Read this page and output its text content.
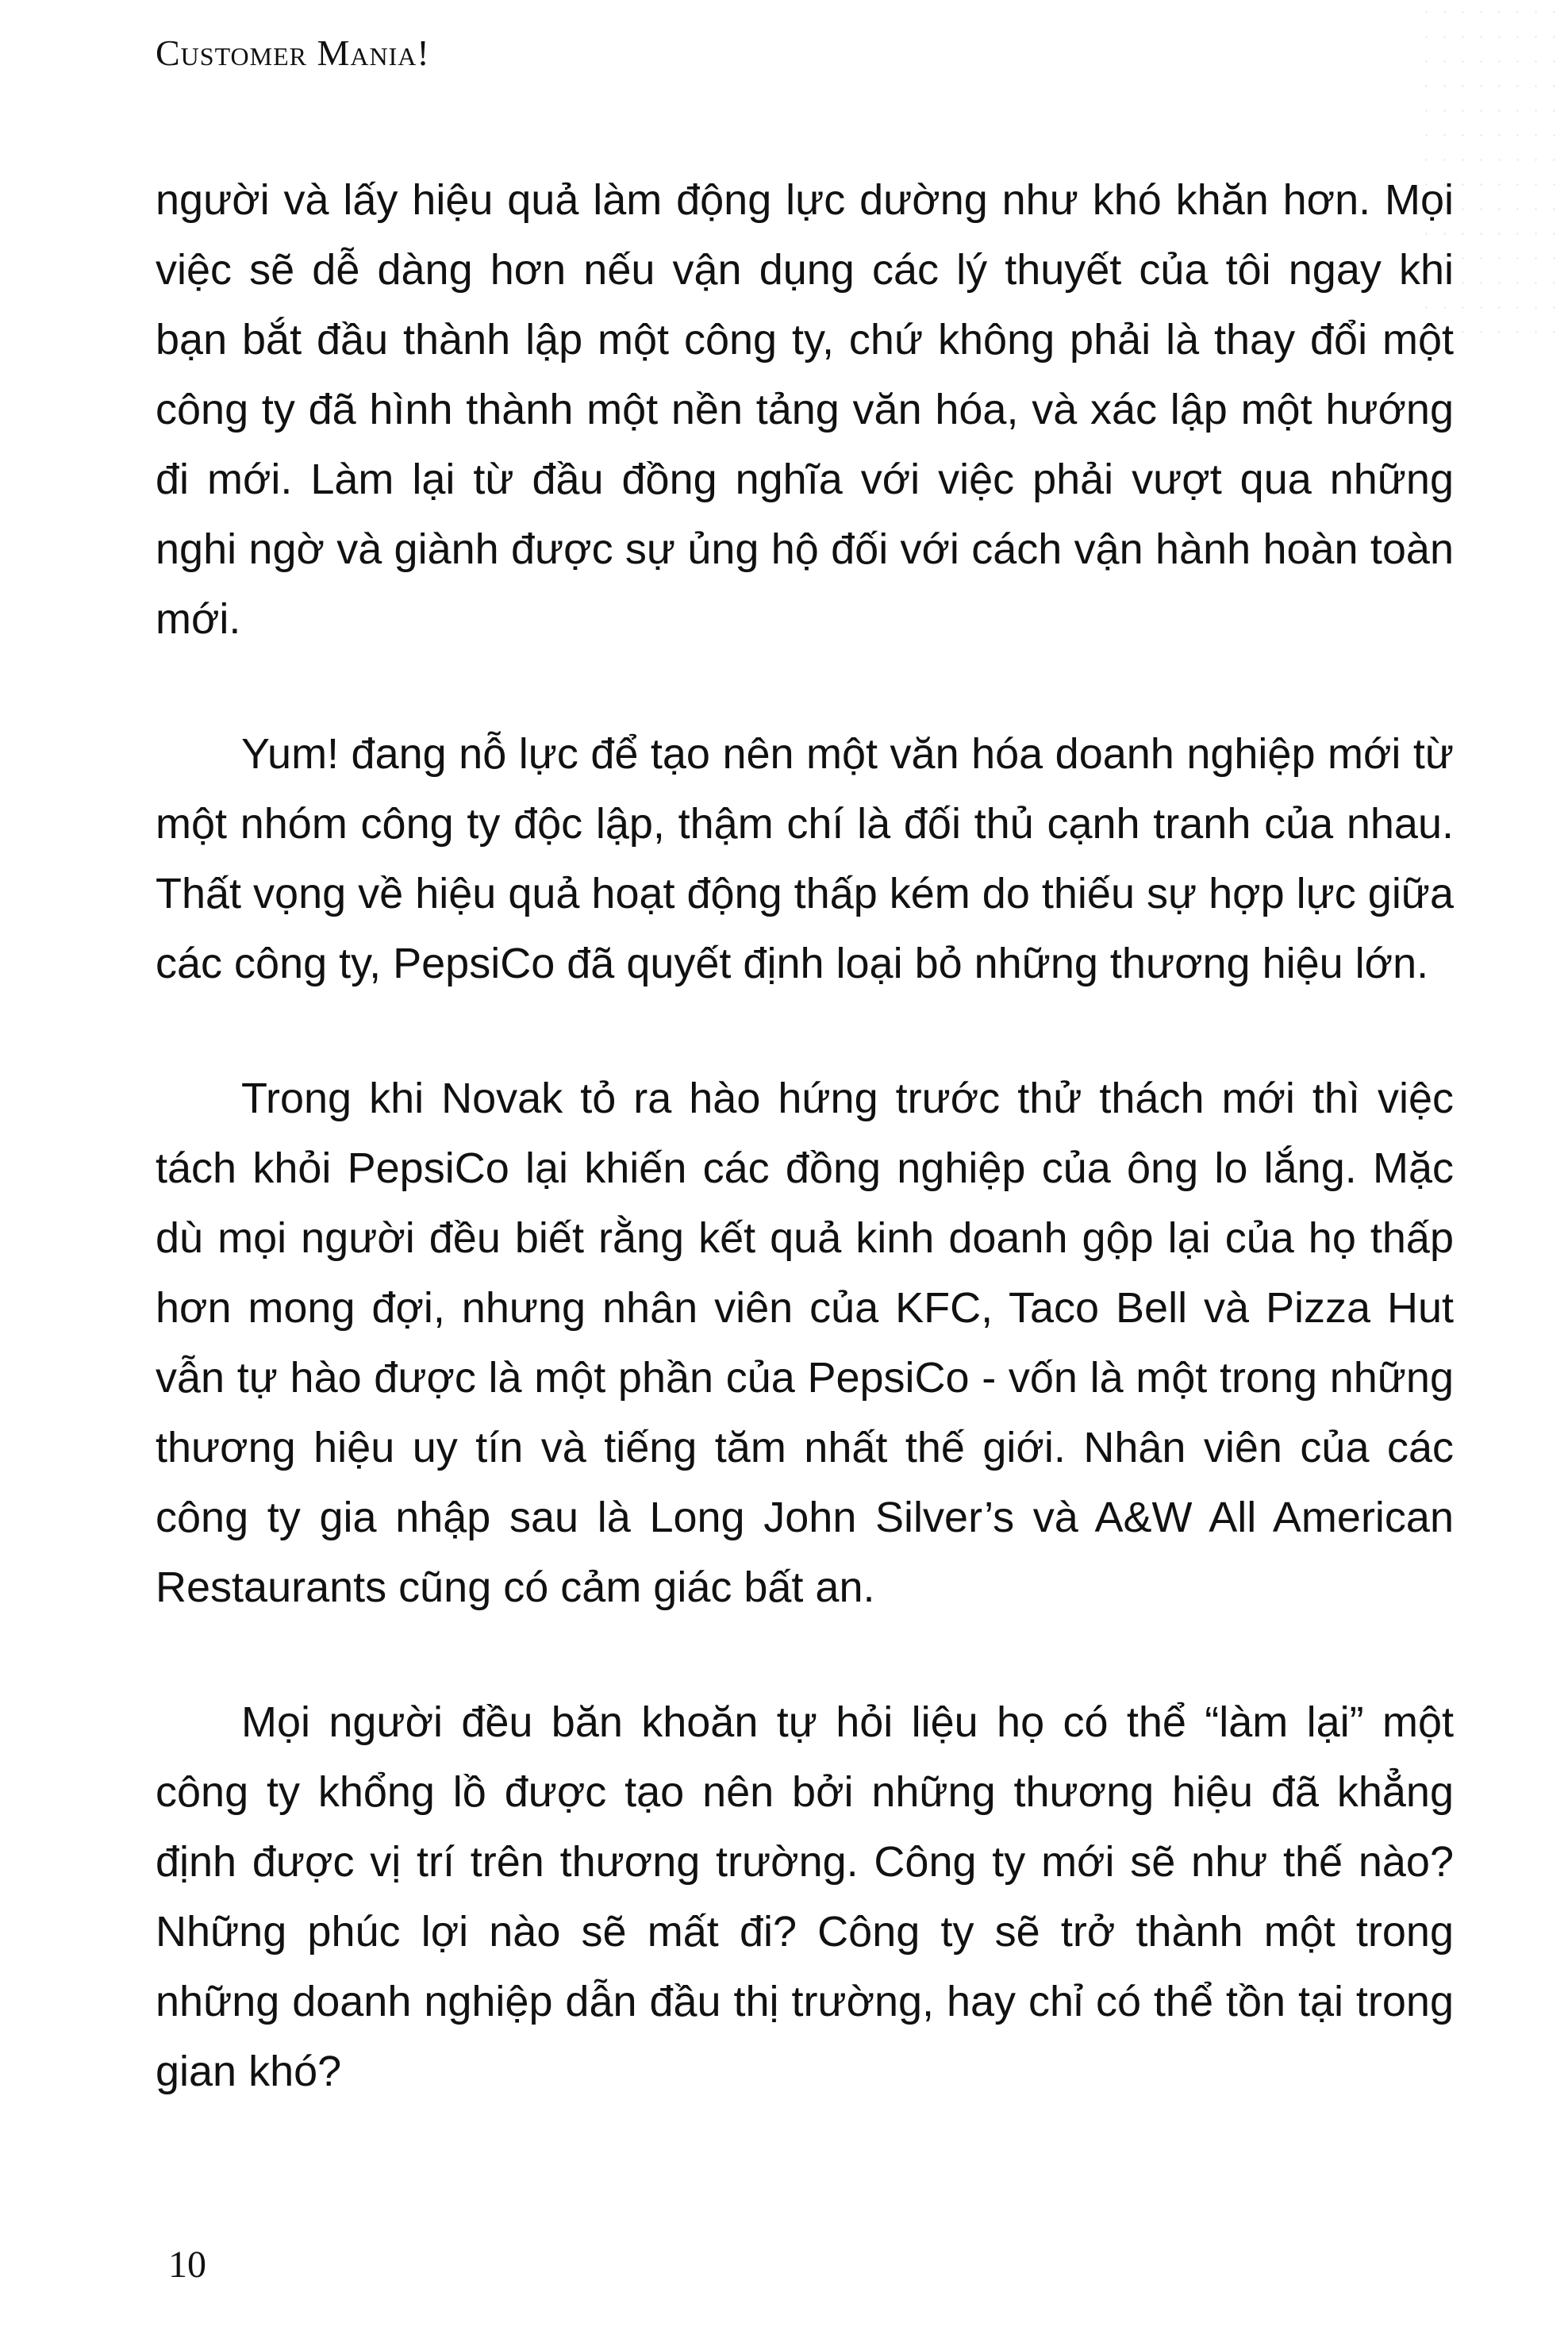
Customer Mania!

người và lấy hiệu quả làm động lực dường như khó khăn hơn. Mọi việc sẽ dễ dàng hơn nếu vận dụng các lý thuyết của tôi ngay khi bạn bắt đầu thành lập một công ty, chứ không phải là thay đổi một công ty đã hình thành một nền tảng văn hóa, và xác lập một hướng đi mới. Làm lại từ đầu đồng nghĩa với việc phải vượt qua những nghi ngờ và giành được sự ủng hộ đối với cách vận hành hoàn toàn mới.

Yum! đang nỗ lực để tạo nên một văn hóa doanh nghiệp mới từ một nhóm công ty độc lập, thậm chí là đối thủ cạnh tranh của nhau. Thất vọng về hiệu quả hoạt động thấp kém do thiếu sự hợp lực giữa các công ty, PepsiCo đã quyết định loại bỏ những thương hiệu lớn.

Trong khi Novak tỏ ra hào hứng trước thử thách mới thì việc tách khỏi PepsiCo lại khiến các đồng nghiệp của ông lo lắng. Mặc dù mọi người đều biết rằng kết quả kinh doanh gộp lại của họ thấp hơn mong đợi, nhưng nhân viên của KFC, Taco Bell và Pizza Hut vẫn tự hào được là một phần của PepsiCo - vốn là một trong những thương hiệu uy tín và tiếng tăm nhất thế giới. Nhân viên của các công ty gia nhập sau là Long John Silver’s và A&W All American Restaurants cũng có cảm giác bất an.

Mọi người đều băn khoăn tự hỏi liệu họ có thể “làm lại” một công ty khổng lồ được tạo nên bởi những thương hiệu đã khẳng định được vị trí trên thương trường. Công ty mới sẽ như thế nào? Những phúc lợi nào sẽ mất đi? Công ty sẽ trở thành một trong những doanh nghiệp dẫn đầu thị trường, hay chỉ có thể tồn tại trong gian khó?

10
